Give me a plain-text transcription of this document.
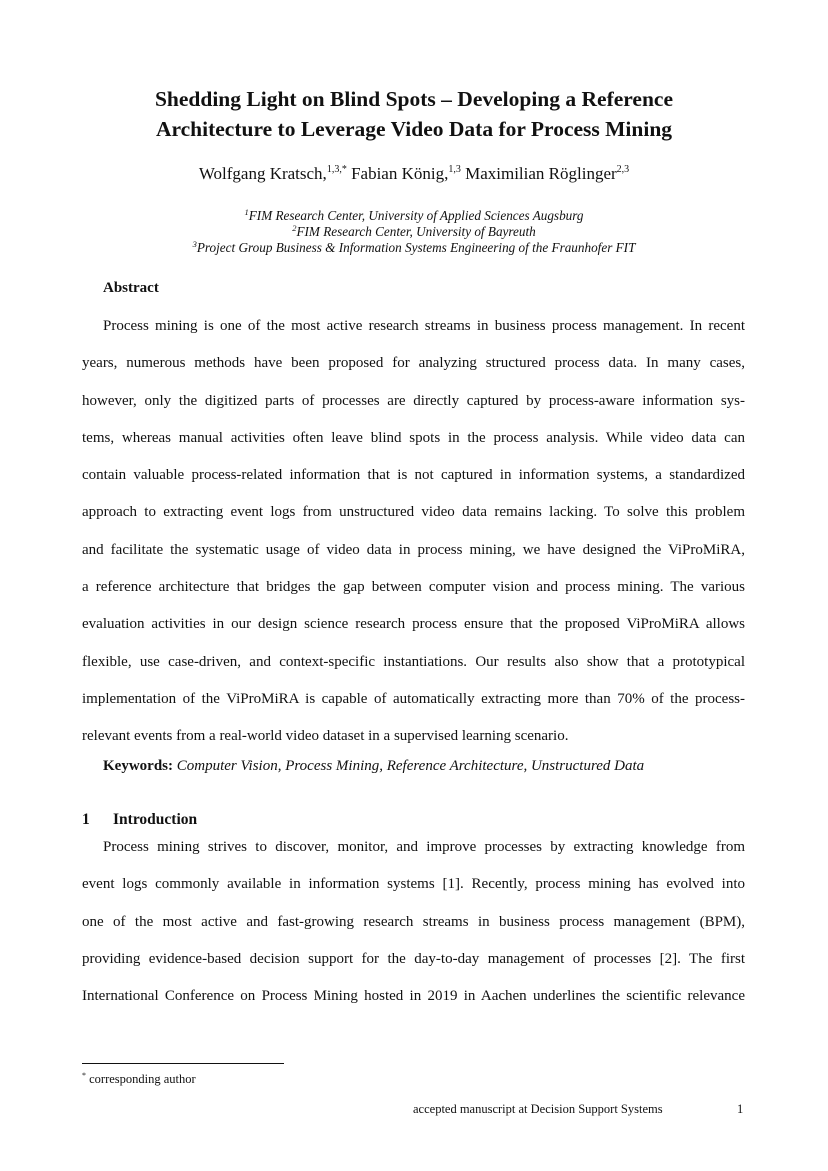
Shedding Light on Blind Spots – Developing a Reference
Architecture to Leverage Video Data for Process Mining
Wolfgang Kratsch,$^{1,3,*}$ Fabian König,$^{1,3}$ Maximilian Röglinger$^{2,3}$
$^1$FIM Research Center, University of Applied Sciences Augsburg
$^2$FIM Research Center, University of Bayreuth
$^3$Project Group Business & Information Systems Engineering of the Fraunhofer FIT
Abstract
Process mining is one of the most active research streams in business process management. In recent
years, numerous methods have been proposed for analyzing structured process data. In many cases,
however, only the digitized parts of processes are directly captured by process-aware information sys-
tems, whereas manual activities often leave blind spots in the process analysis. While video data can
contain valuable process-related information that is not captured in information systems, a standardized
approach to extracting event logs from unstructured video data remains lacking. To solve this problem
and facilitate the systematic usage of video data in process mining, we have designed the ViProMiRA,
a reference architecture that bridges the gap between computer vision and process mining. The various
evaluation activities in our design science research process ensure that the proposed ViProMiRA allows
flexible, use case-driven, and context-specific instantiations. Our results also show that a prototypical
implementation of the ViProMiRA is capable of automatically extracting more than 70% of the process-
relevant events from a real-world video dataset in a supervised learning scenario.
Keywords: Computer Vision, Process Mining, Reference Architecture, Unstructured Data
1 Introduction
Process mining strives to discover, monitor, and improve processes by extracting knowledge from
event logs commonly available in information systems [1]. Recently, process mining has evolved into
one of the most active and fast-growing research streams in business process management (BPM),
providing evidence-based decision support for the day-to-day management of processes [2]. The first
International Conference on Process Mining hosted in 2019 in Aachen underlines the scientific relevance
* corresponding author
accepted manuscript at Decision Support Systems	1
